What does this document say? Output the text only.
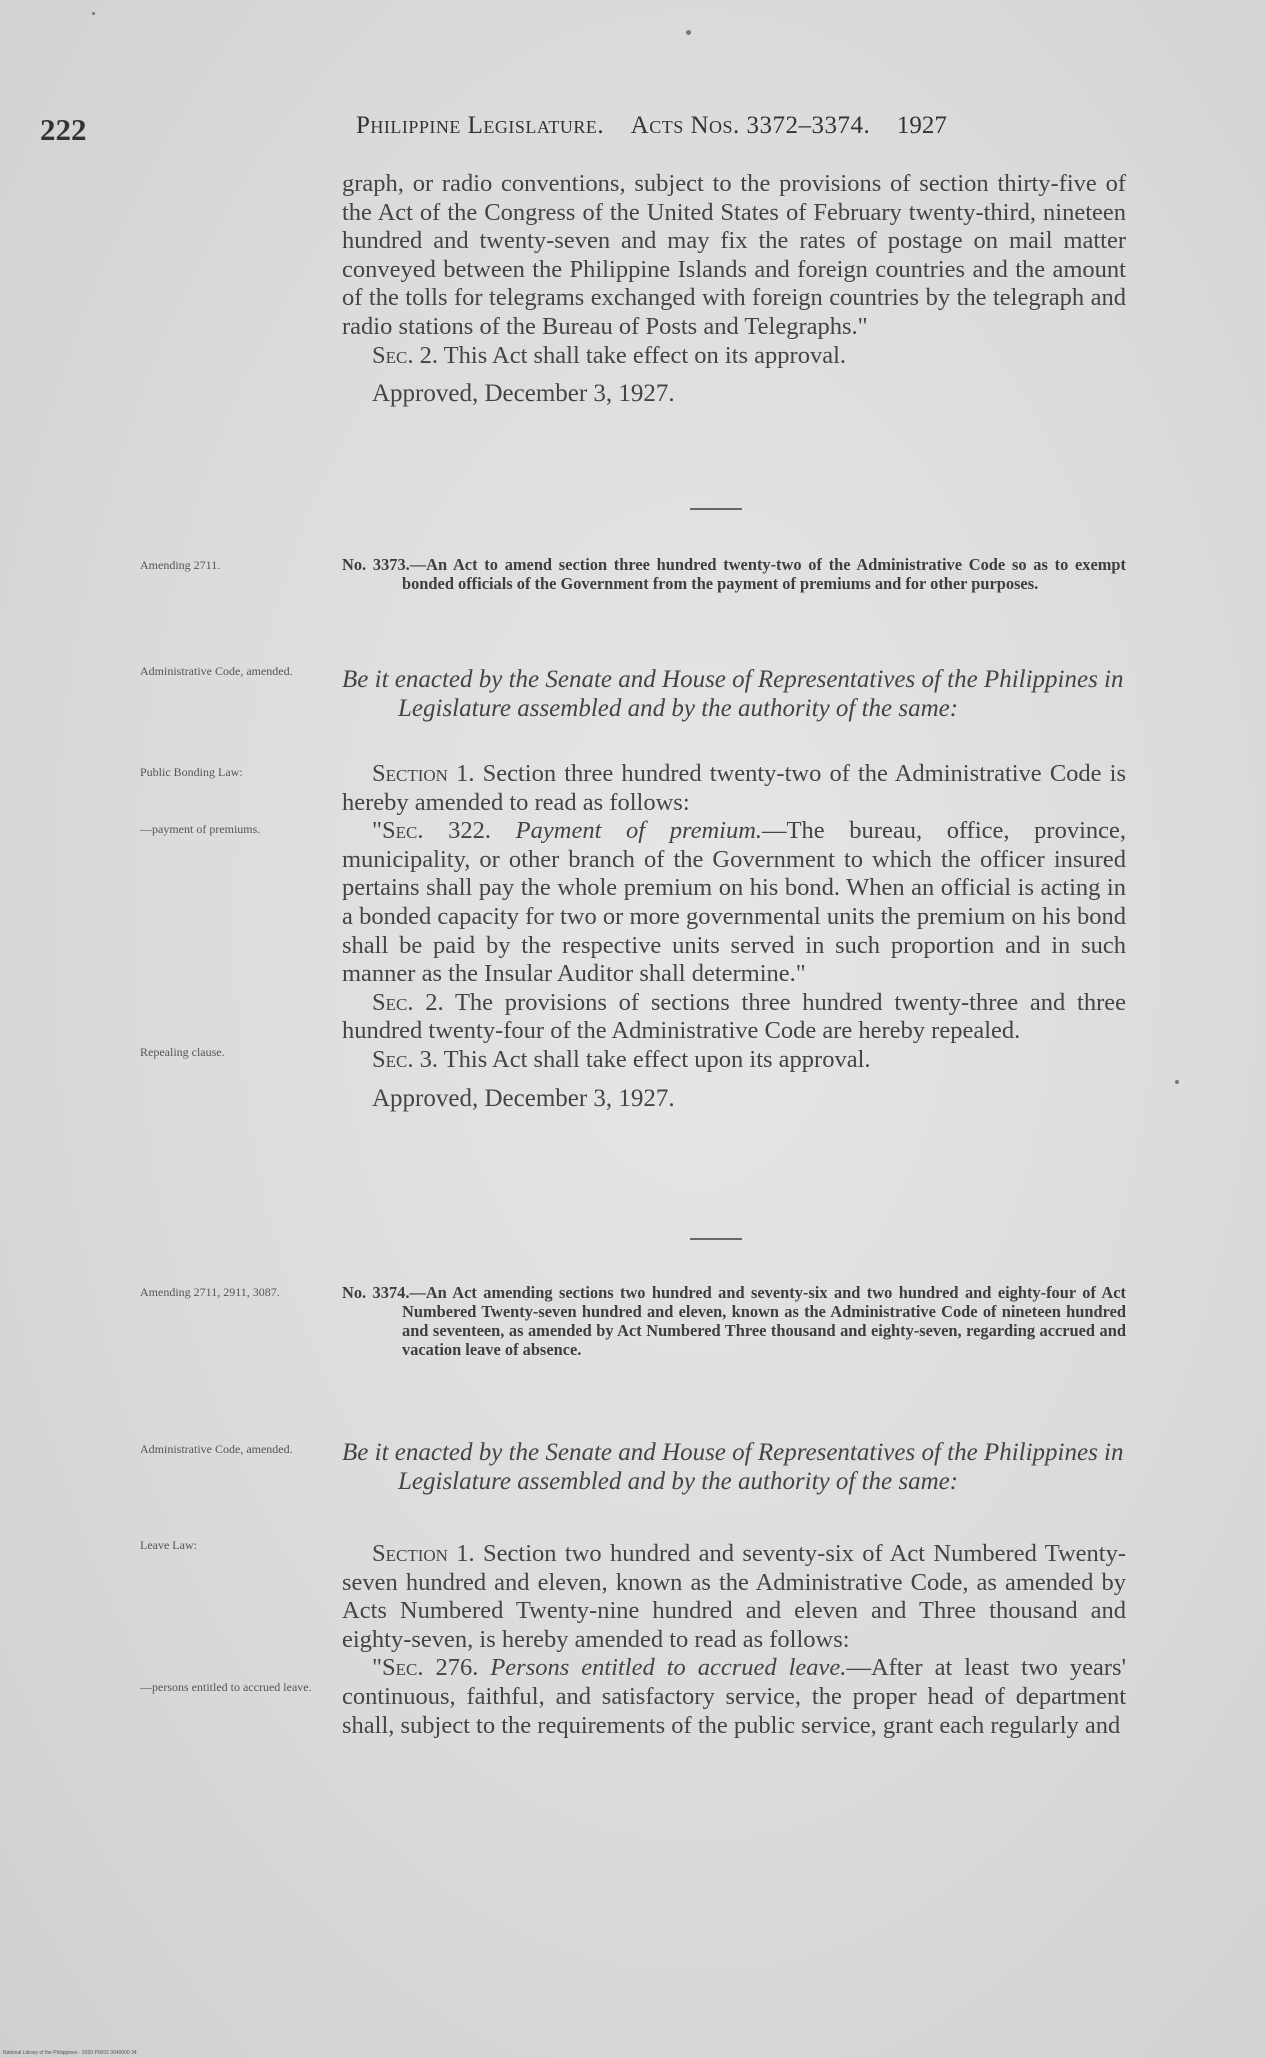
222	Philippine Legislature. Acts Nos. 3372–3374. 1927

graph, or radio conventions, subject to the provisions of section thirty-five of the Act of the Congress of the United States of February twenty-third, nineteen hundred and twenty-seven and may fix the rates of postage on mail matter conveyed between the Philippine Islands and foreign countries and the amount of the tolls for telegrams exchanged with foreign countries by the telegraph and radio stations of the Bureau of Posts and Telegraphs."

Sec. 2. This Act shall take effect on its approval.

Approved, December 3, 1927.

Amending 2711.	No. 3373.—An Act to amend section three hundred twenty-two of the Administrative Code so as to exempt bonded officials of the Government from the payment of premiums and for other purposes.
Administrative Code, amended.	Be it enacted by the Senate and House of Representatives of the Philippines in Legislature assembled and by the authority of the same:
Public Bonding Law:
—payment of premiums.
Repealing clause.

Section 1. Section three hundred twenty-two of the Administrative Code is hereby amended to read as follows:

"Sec. 322. Payment of premium.—The bureau, office, province, municipality, or other branch of the Government to which the officer insured pertains shall pay the whole premium on his bond. When an official is acting in a bonded capacity for two or more governmental units the premium on his bond shall be paid by the respective units served in such proportion and in such manner as the Insular Auditor shall determine."

Sec. 2. The provisions of sections three hundred twenty-three and three hundred twenty-four of the Administrative Code are hereby repealed.

Sec. 3. This Act shall take effect upon its approval.

Approved, December 3, 1927.

Amending 2711, 2911, 3087.	No. 3374.—An Act amending sections two hundred and seventy-six and two hundred and eighty-four of Act Numbered Twenty-seven hundred and eleven, known as the Administrative Code of nineteen hundred and seventeen, as amended by Act Numbered Three thousand and eighty-seven, regarding accrued and vacation leave of absence.
Administrative Code, amended.	Be it enacted by the Senate and House of Representatives of the Philippines in Legislature assembled and by the authority of the same:
Leave Law:
—persons entitled to accrued leave.

Section 1. Section two hundred and seventy-six of Act Numbered Twenty-seven hundred and eleven, known as the Administrative Code, as amended by Acts Numbered Twenty-nine hundred and eleven and Three thousand and eighty-seven, is hereby amended to read as follows:

"Sec. 276. Persons entitled to accrued leave.—After at least two years' continuous, faithful, and satisfactory service, the proper head of department shall, subject to the requirements of the public service, grant each regularly and

National Library of the Philippines · 2020 P0002 3040000 34
